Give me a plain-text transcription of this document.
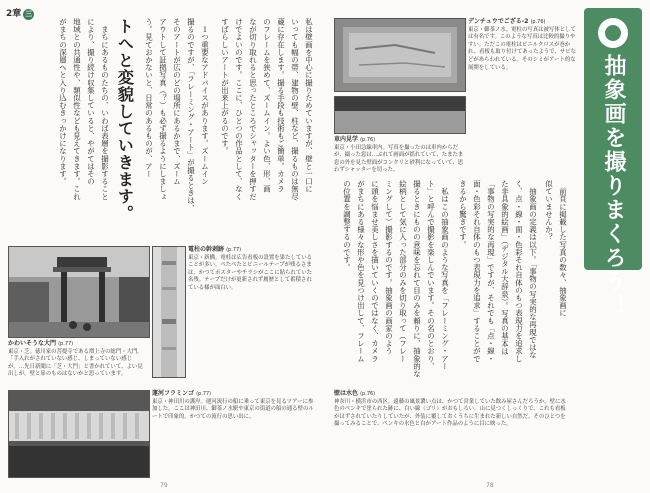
2章 三
私は壁画を中心に撮りためていますが、壁と一口に
いっても幅の帯、建物の壁、柱など、撮るものは無尽
蔵に存在します。撮る手段も技術もご簡単。カメラ
のフレームを狭めて、ズームイン。よい色、形、画
なが切り取れると思ったところでシャッターを押すだ
けでよいのです。ここに、ひとつの作品として、なく
すばらしいアートが出来上がるのです。
　１つ重要なアドバイスがあります。ズームイン
撮るのですが、「フレーミング・アート」が撮るときは、
そのアートが広のどの場所にあるかまで、ズーム
アウトして証拠写真（？）も必ず撮るようにしましょ
う。見ておかないと、日常のあるものが、アー
トへと変貌していきます。
　まちにあるものたちの、いわば表層を撮影すること
により、撮り続け収集していると、やがてはその
地域との共通性や、類似性なども見えてきます。これ
がまちの深層へと入り込むきっかけになります。
かわいそうな大門 (p.77)
東京・芝。徳川家の菩提寺である増上寺の総門・大門。「手入れがされていない感じ、しまっていない感じが。…先日新聞に「芝・大門」と書かれていて、よい見出しが。壁と扉のものはないかと思っています。
電柱の幹剥跡 (p.77)
東京・新橋。電柱は広告看板の設置を果たしていることが多い。ぺたぺたとビニールテープが残るさまは、かつてポスターやチラシがここに貼られていた名残。テープだけが更新されず履歴として蓄積されている様が面白い。
運河フラミンゴ (p.77)
東京・神田川の護岸。運河流行の船に乗って東京を見るツアーに参加した。ここは神田川、御茶ノ水駅や東京の街道の船の通る壁のルートで印象的。かつての流行の思い出に。
79
デンチュウでござる-2 (p.76)
東京・御茶ノ水。電柱の写真は被写体としては有名です。このような写真は比較的撮りやすい。ただこの電柱はビニルクロスが巻かれ、看板も取り付けてあったようで、サビなどがあらわれている。そのシミがアート的な展開をしている。
車内見学 (p.76)
東京・小田急線車内。写真を撮ったのは車内からだが、撮った窓は…ぶれて画面が揺れていて、たまたま窓の外を見た壁面がコンクリと砂利になっていて、思わずシャッターを切った。
　前頁に掲載した写真の数々、抽象画に
似ていませんか？
　抽象画の定義は以下。「事物の写実的な再現ではな
く、点・線・面・色彩それ自体のもつ表現力を追求し
た非具象的絵画」（デジタル大辞泉）。写真の基本は
「事物の写実的な再現」ですが、それでも「点・線・
面・色彩それ自体のもつ表現力を追求」することがで
きるから驚きです。
　私はこの抽象画のような写真を「フレーミング・アー
ト」と呼んで撮影を楽しんでいます。その名のとおり、
撮るときにものの意味を忘れて目のみを頼りに、抽象的な
絵柄として気に入った部分のみを切り取って（フレー
ミングして）撮影するのです。抽象画の画家のよう
に頭を悩ませ美しさを描いていくのではなく、カメラ
がまちにある様々な形や色を見つけ出して、フレーム
の位置を調整するのです。
壁は水色 (p.76)
神奈川・横浜市の西区。遠藤の風景濃い点は、かつて営業していた飲み屋さんだろうか。壁に水色のペンキで塗られた跡に、白い線（ゴリ）がおもしろい。山に見つくしっくりで、これも看板がはずされていたりしていたが、外装に覆しておくうちに生まれた新しい自然だ。そのひとつを撮ってみることで、ペンキの水色と白がアート作品のように目に映った。
78
抽象画を撮りまくろう！
